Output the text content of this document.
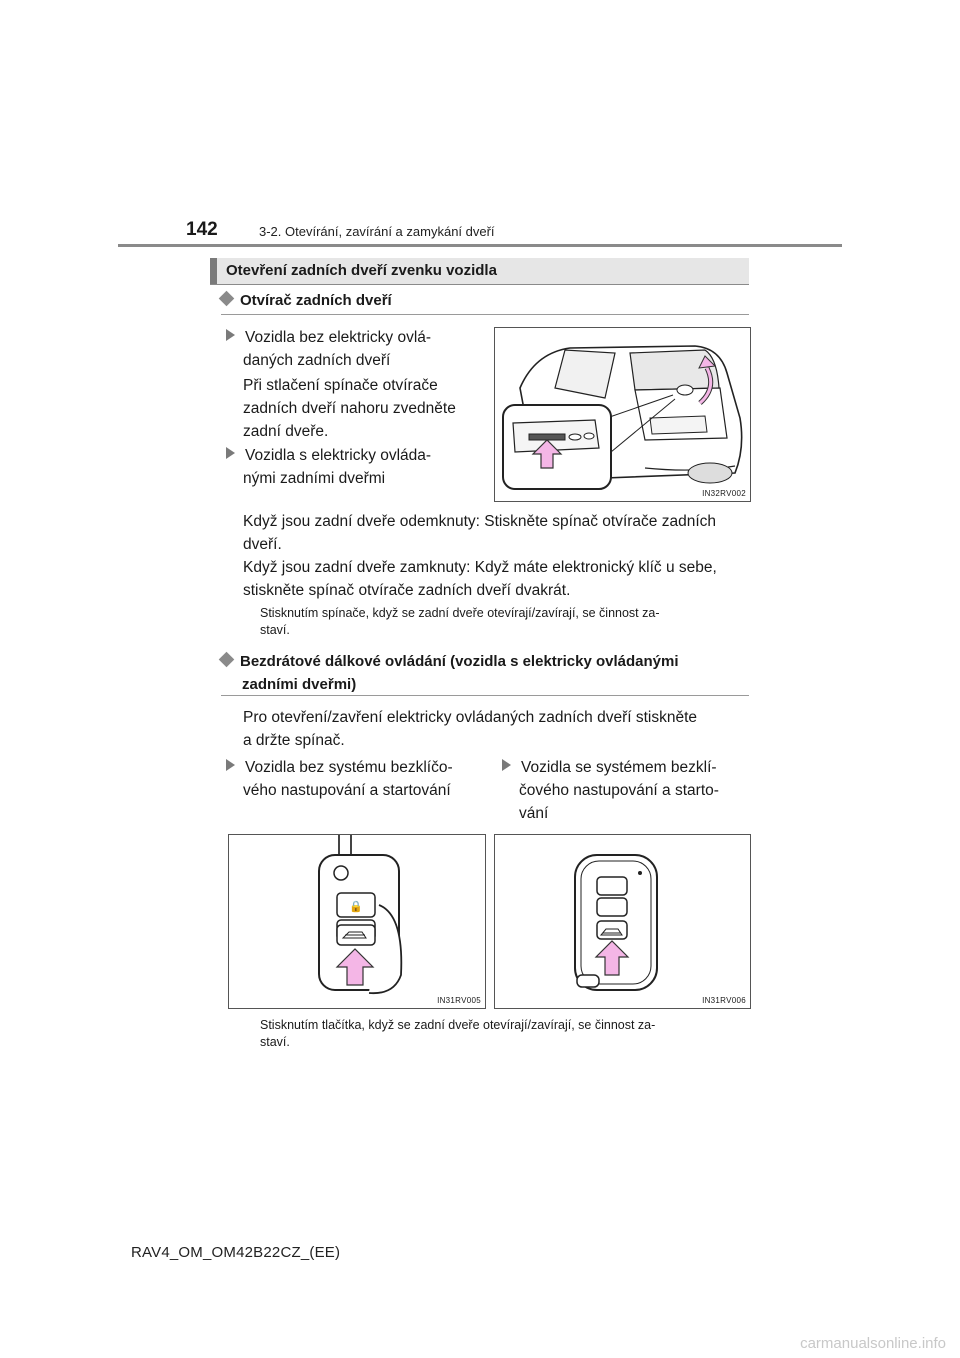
142	3-2. Otevírání, zavírání a zamykání dveří
Otevření zadních dveří zvenku vozidla
Otvírač zadních dveří
Vozidla bez elektricky ovlá-
daných zadních dveří
Při stlačení spínače otvírače
zadních dveří nahoru zvedněte
zadní dveře.
Vozidla s elektricky ovláda-
nými zadními dveřmi
IN32RV002
Když jsou zadní dveře odemknuty: Stiskněte spínač otvírače zadních
dveří.
Když jsou zadní dveře zamknuty: Když máte elektronický klíč u sebe,
stiskněte spínač otvírače zadních dveří dvakrát.
Stisknutím spínače, když se zadní dveře otevírají/zavírají, se činnost za-
staví.
Bezdrátové dálkové ovládání (vozidla s elektricky ovládanými
zadními dveřmi)
Pro otevření/zavření elektricky ovládaných zadních dveří stiskněte
a držte spínač.
Vozidla bez systému bezklíčo-
vého nastupování a startování
Vozidla se systémem bezklí-
čového nastupování a starto-
vání
🔒
IN31RV005	IN31RV006
Stisknutím tlačítka, když se zadní dveře otevírají/zavírají, se činnost za-
staví.
RAV4_OM_OM42B22CZ_(EE)
carmanualsonline.info
